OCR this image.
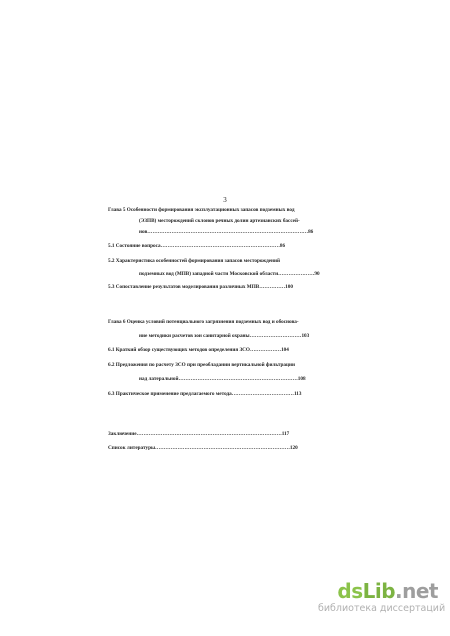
3
Глава 5 Особенности формирования эксплуатационных запасов подземных вод
(ЭЗПВ) месторождений склонов речных долин артезианских бассей-
нов…………………………………………………………………………………86
5.1 Состояние вопроса……………………………………………………………86
5.2 Характеристика особенностей формирования запасов месторождений
подземных вод (МПВ) западной части Московской области…………………90
5.3 Сопоставление результатов моделирования различных МПВ……………100
Глава 6 Оценка условий потенциального загрязнения подземных вод и обоснова-
ние методики расчетов зон санитарной охраны…………………………103
6.1 Краткий обзор существующих методов определения ЗСО………………104
6.2 Предложения по расчету ЗСО при преобладании вертикальной фильтрации
над латеральной……………………………………………………………108
6.3 Практическое применение предлагаемого метода………………………………113
Заключение…………………………………………………………………………117
Список литературы……………………………………………………………………120
dsLib.net
библиотека диссертаций
